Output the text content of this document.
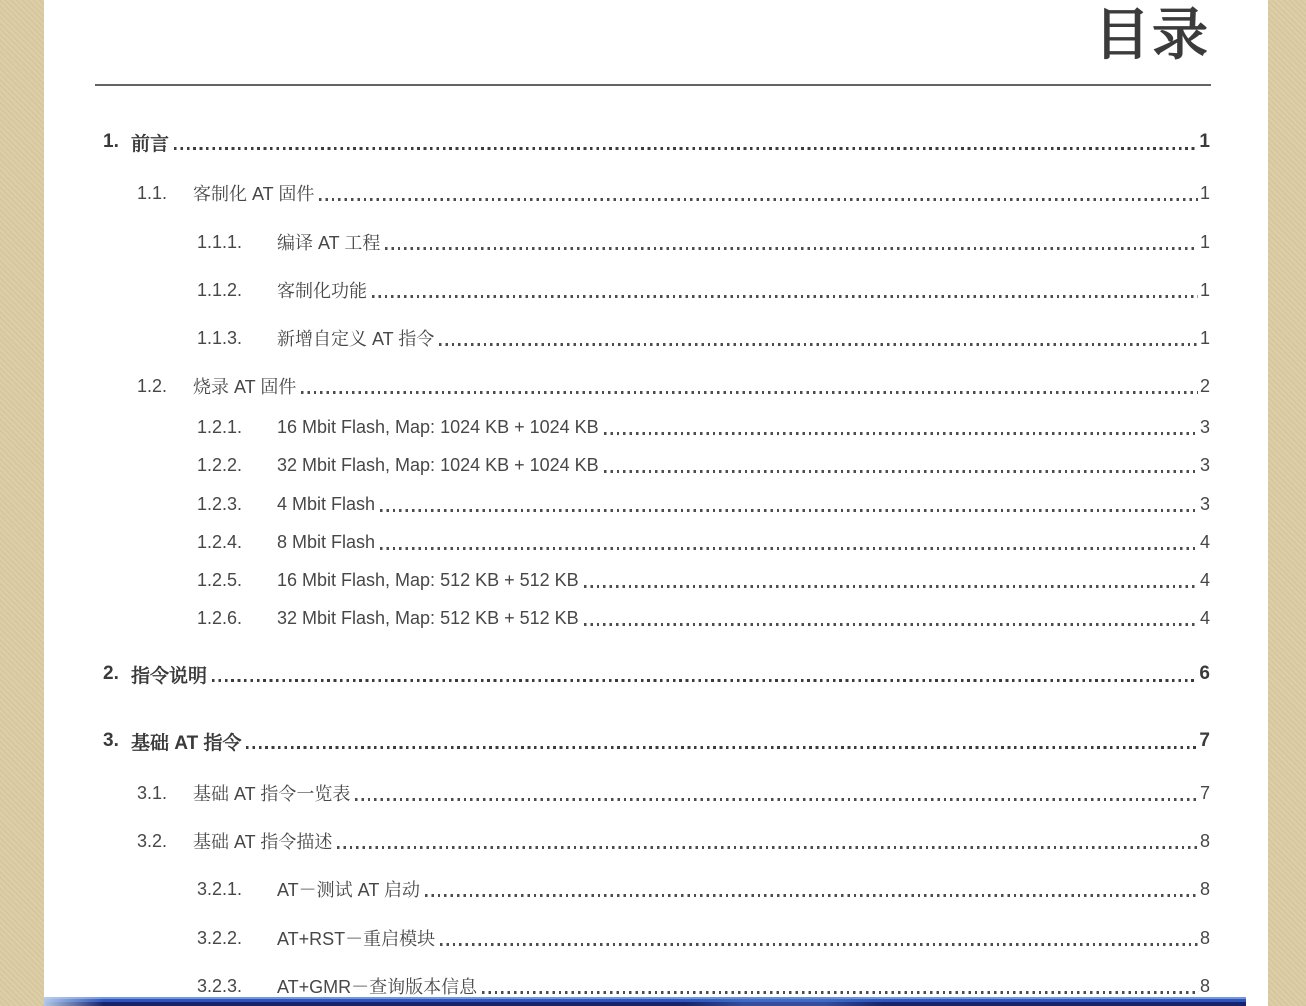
目录
1. 前言	1
1.1.	客制化 AT 固件	1
1.1.1.	编译 AT 工程	1
1.1.2.	客制化功能	1
1.1.3.	新增自定义 AT 指令	1
1.2.	烧录 AT 固件	2
1.2.1.	16 Mbit Flash, Map: 1024 KB + 1024 KB	3
1.2.2.	32 Mbit Flash, Map: 1024 KB + 1024 KB	3
1.2.3.	4 Mbit Flash	3
1.2.4.	8 Mbit Flash	4
1.2.5.	16 Mbit Flash, Map: 512 KB + 512 KB	4
1.2.6.	32 Mbit Flash, Map: 512 KB + 512 KB	4
2. 指令说明	6
3. 基础 AT 指令	7
3.1.	基础 AT 指令一览表	7
3.2.	基础 AT 指令描述	8
3.2.1.	AT－测试 AT 启动	8
3.2.2.	AT+RST－重启模块	8
3.2.3.	AT+GMR－查询版本信息	8
